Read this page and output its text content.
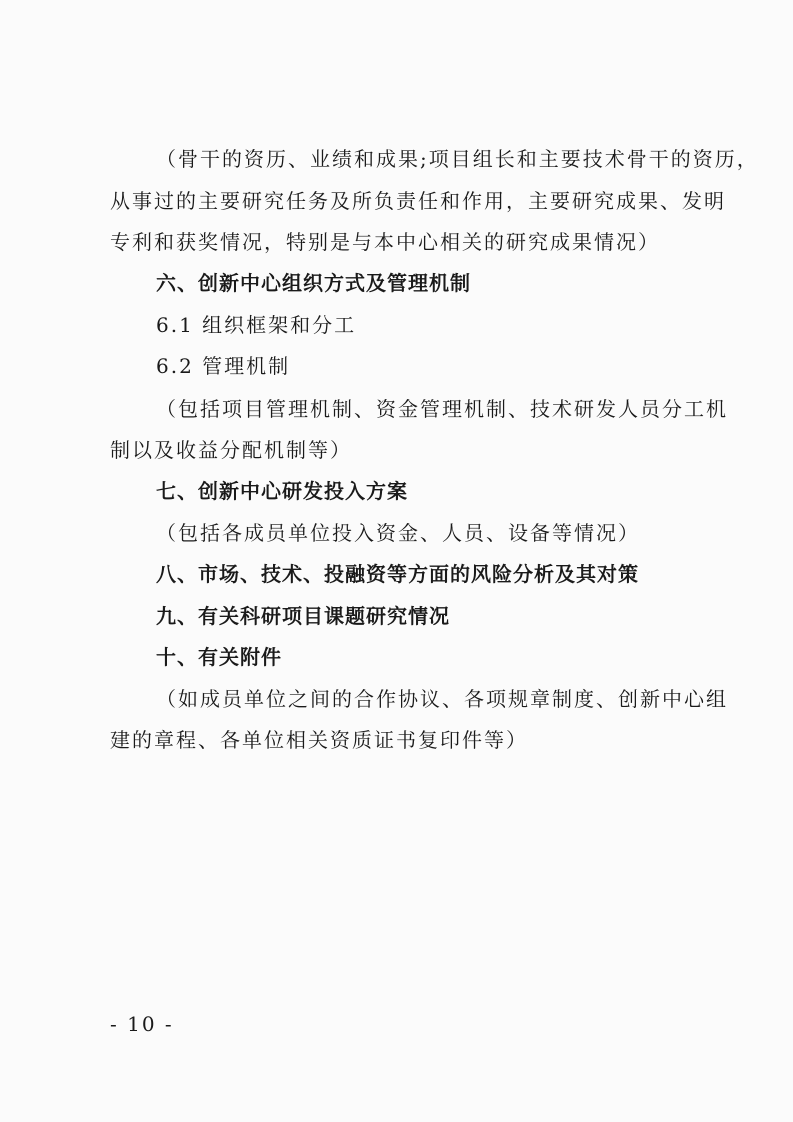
（骨干的资历、业绩和成果;项目组长和主要技术骨干的资历，
从事过的主要研究任务及所负责任和作用，主要研究成果、发明
专利和获奖情况，特别是与本中心相关的研究成果情况）
六、创新中心组织方式及管理机制
6.1 组织框架和分工
6.2 管理机制
（包括项目管理机制、资金管理机制、技术研发人员分工机
制以及收益分配机制等）
七、创新中心研发投入方案
（包括各成员单位投入资金、人员、设备等情况）
八、市场、技术、投融资等方面的风险分析及其对策
九、有关科研项目课题研究情况
十、有关附件
（如成员单位之间的合作协议、各项规章制度、创新中心组
建的章程、各单位相关资质证书复印件等）
- 10 -
